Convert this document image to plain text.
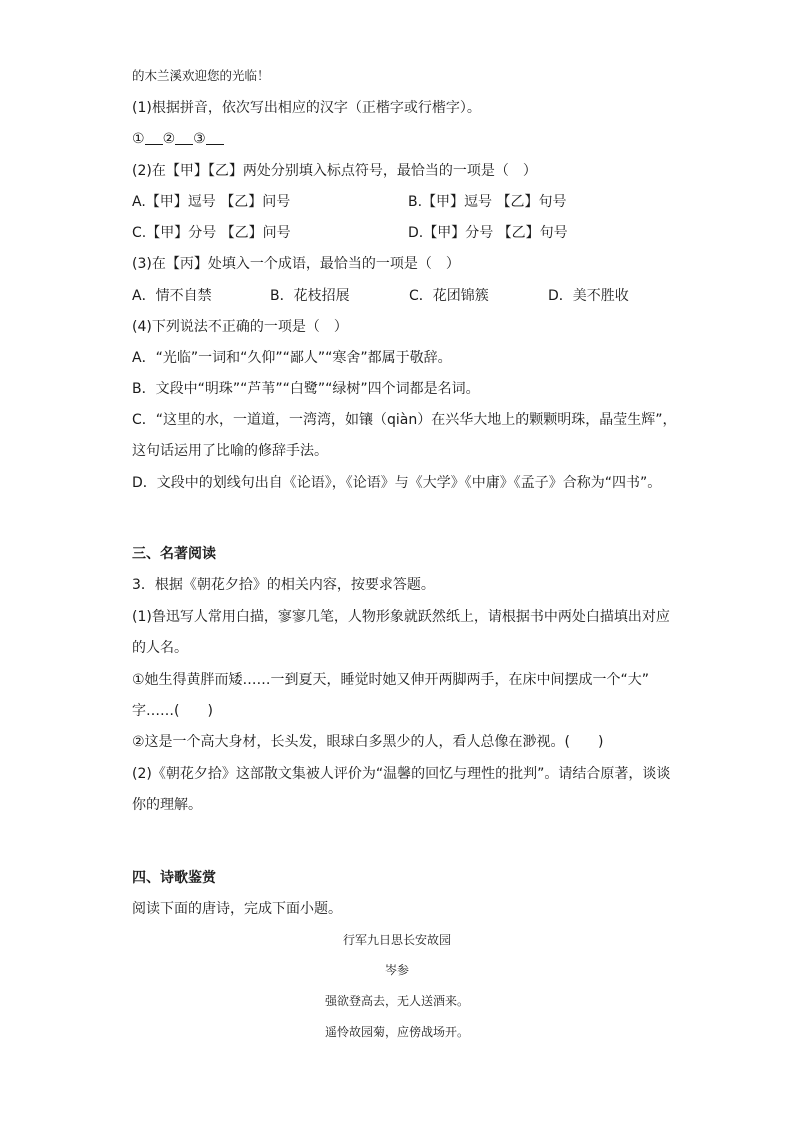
的木兰溪欢迎您的光临！
(1)根据拼音，依次写出相应的汉字（正楷字或行楷字）。
① ② ③
(2)在【甲】【乙】两处分别填入标点符号，最恰当的一项是（　）
A.【甲】逗号 【乙】问号	B.【甲】逗号 【乙】句号
C.【甲】分号 【乙】问号	D.【甲】分号 【乙】句号
(3)在【丙】处填入一个成语，最恰当的一项是（　）
A．情不自禁	B．花枝招展	C．花团锦簇	D．美不胜收
(4)下列说法不正确的一项是（　）
A．“光临”一词和“久仰”“鄙人”“寒舍”都属于敬辞。
B．文段中“明珠”“芦苇”“白鹭”“绿树”四个词都是名词。
C．“这里的水，一道道，一湾湾，如镶（qiàn）在兴华大地上的颗颗明珠，晶莹生辉”，
这句话运用了比喻的修辞手法。
D．文段中的划线句出自《论语》，《论语》与《大学》《中庸》《孟子》合称为“四书”。
三、名著阅读
3．根据《朝花夕拾》的相关内容，按要求答题。
(1)鲁迅写人常用白描，寥寥几笔，人物形象就跃然纸上，请根据书中两处白描填出对应
的人名。
①她生得黄胖而矮……一到夏天，睡觉时她又伸开两脚两手，在床中间摆成一个“大”
字……(　　)
②这是一个高大身材，长头发，眼球白多黑少的人，看人总像在渺视。(　　)
(2)《朝花夕拾》这部散文集被人评价为“温馨的回忆与理性的批判”。请结合原著，谈谈
你的理解。
四、诗歌鉴赏
阅读下面的唐诗，完成下面小题。
行军九日思长安故园
岑参
强欲登高去，无人送酒来。
遥怜故园菊，应傍战场开。
